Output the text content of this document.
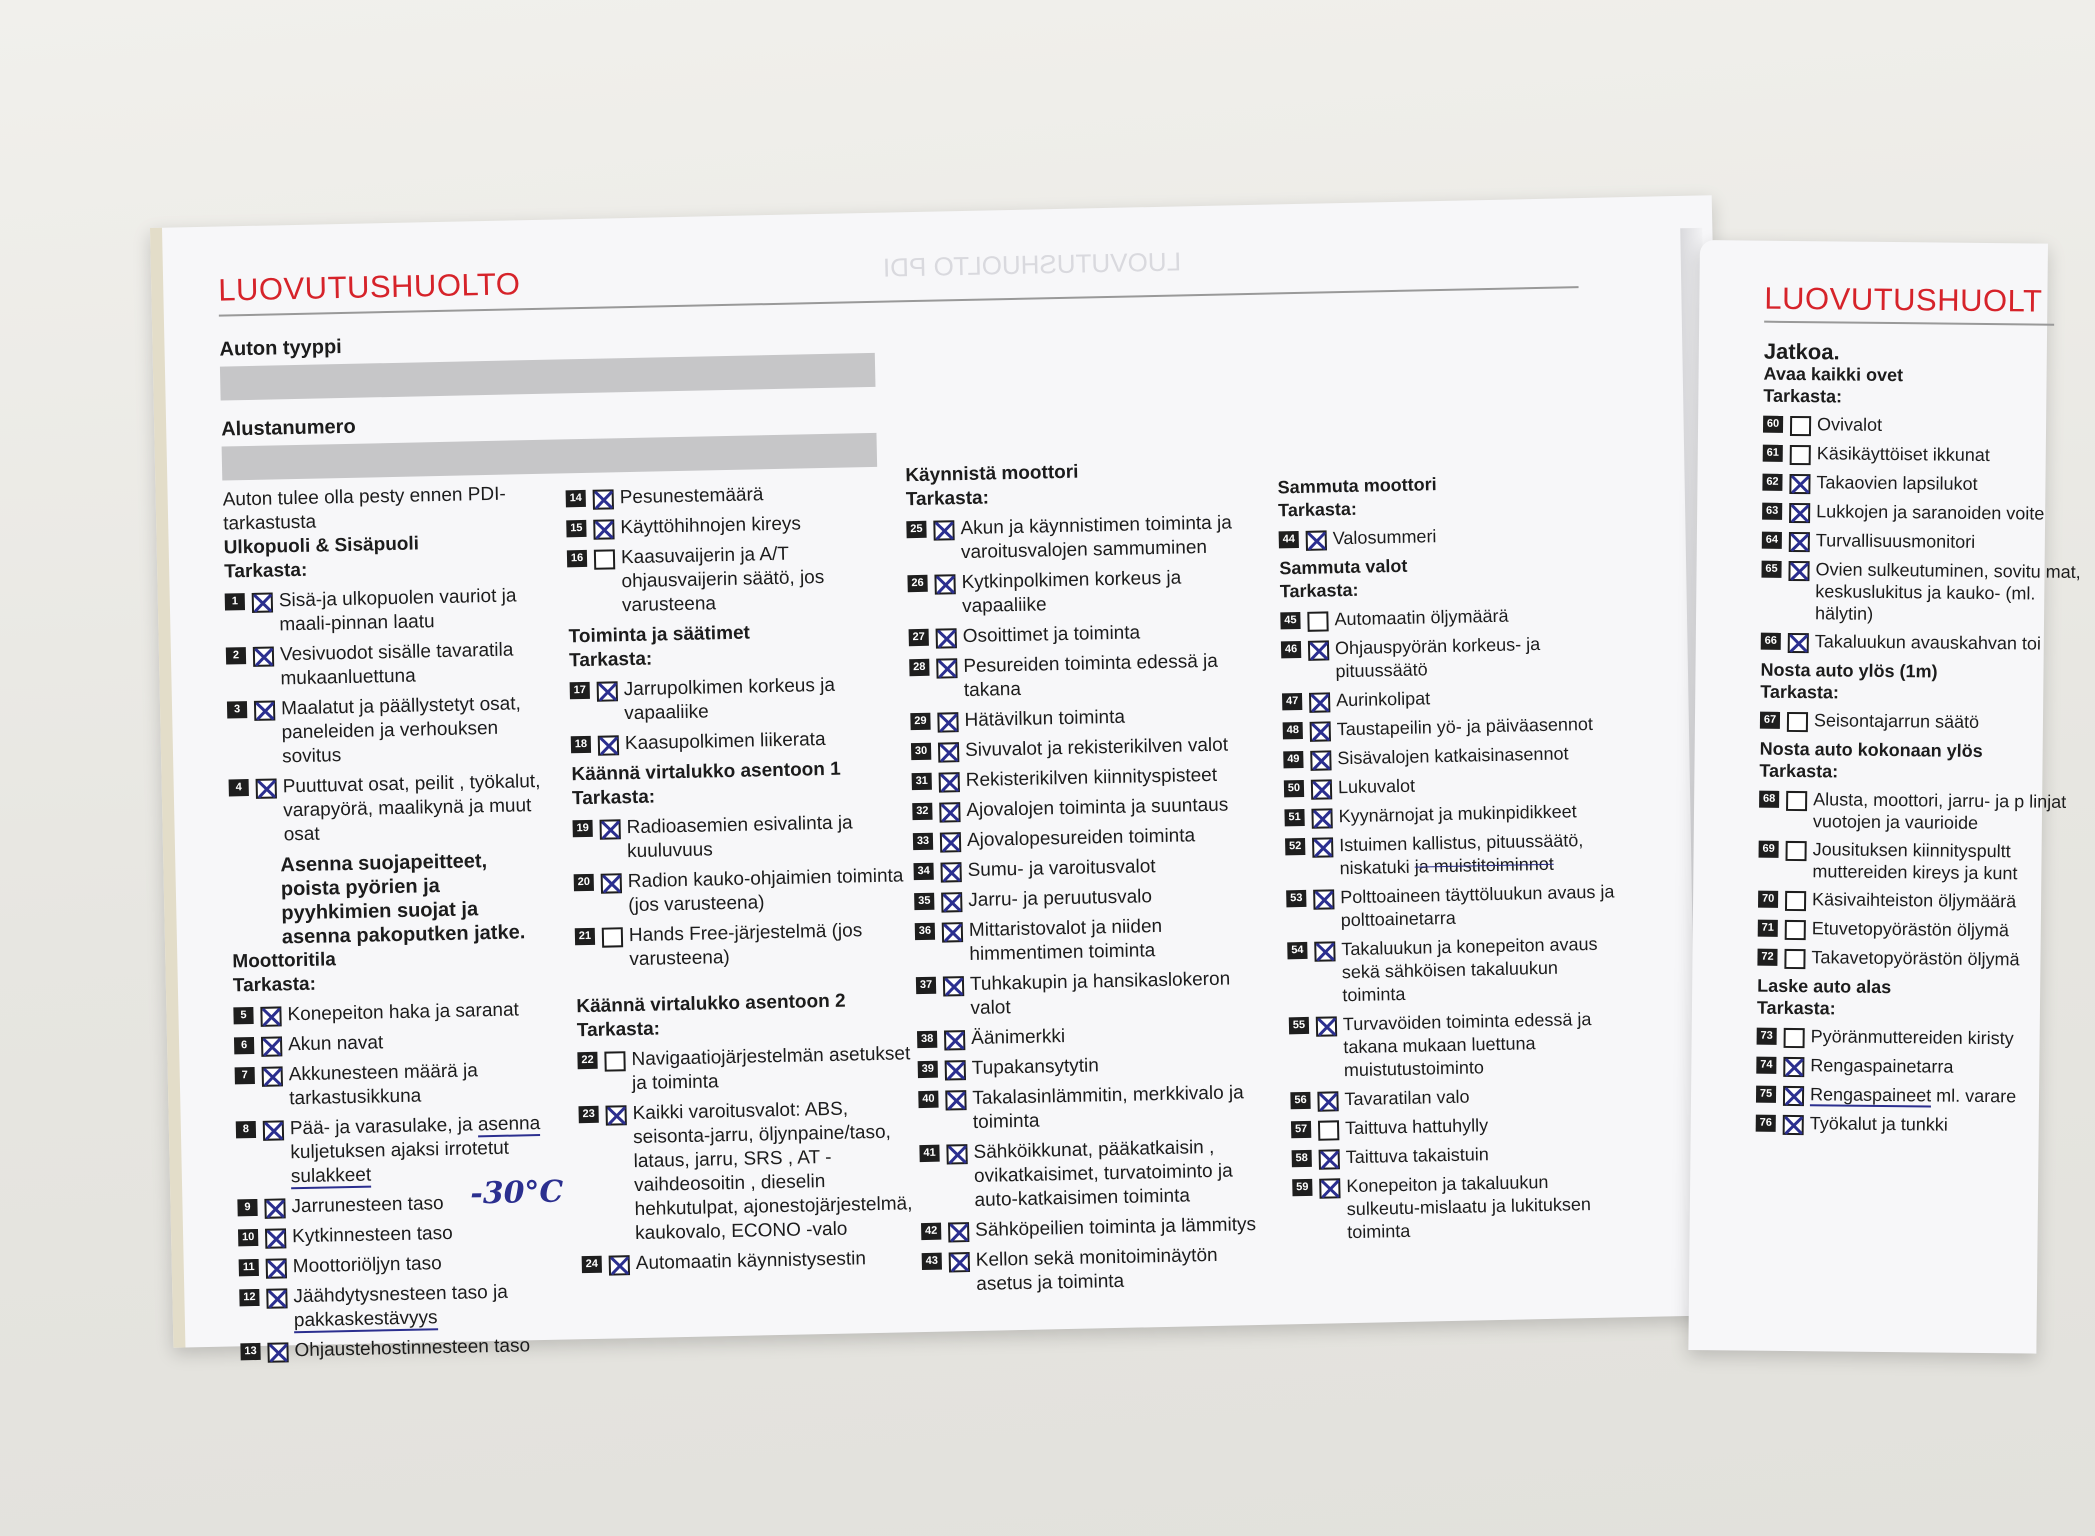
LUOVUTUSHUOLTO
LUOVUTUSHUOLTO PDI
Auton tyyppi
Alustanumero

Auton tulee olla pesty ennen PDI-tarkastusta

Ulkopuoli & Sisäpuoli

Tarkasta:

1	Sisä-ja ulkopuolen vauriot ja maali-pinnan laatu
2	Vesivuodot sisälle tavaratila mukaanluettuna
3	Maalatut ja päällystetyt osat, paneleiden ja verhouksen sovitus
4	Puuttuvat osat, peilit , työkalut, varapyörä, maalikynä ja muut osat

Asenna suojapeitteet, poista pyörien ja pyyhkimien suojat ja asenna pakoputken jatke.

Moottoritila

Tarkasta:

5	Konepeiton haka ja saranat
6	Akun navat
7	Akkunesteen määrä ja tarkastusikkuna
8	Pää- ja varasulake, ja asenna kuljetuksen ajaksi irrotetut sulakkeet
9	Jarrunesteen taso
10 Kytkinnesteen taso
11 Moottoriöljyn taso
12 Jäähdytysnesteen taso ja pakkaskestävyys
13 Ohjaustehostinnesteen taso
-30°C
14 Pesunestemäärä
15 Käyttöhihnojen kireys
16 Kaasuvaijerin ja A/T ohjausvaijerin säätö, jos varusteena

Toiminta ja säätimet

Tarkasta:

17 Jarrupolkimen korkeus ja vapaaliike
18 Kaasupolkimen liikerata

Käännä virtalukko asentoon 1

Tarkasta:

19 Radioasemien esivalinta ja kuuluvuus
20 Radion kauko-ohjaimien toiminta (jos varusteena)
21 Hands Free-järjestelmä (jos varusteena)

Käännä virtalukko asentoon 2

Tarkasta:

22 Navigaatiojärjestelmän asetukset ja toiminta
23 Kaikki varoitusvalot: ABS, seisonta-jarru, öljynpaine/taso, lataus, jarru, SRS , AT -vaihdeosoitin , dieselin hehkutulpat, ajonestojärjestelmä, kaukovalo, ECONO -valo
24 Automaatin käynnistysestin

Käynnistä moottori

Tarkasta:

25 Akun ja käynnistimen toiminta ja varoitusvalojen sammuminen
26 Kytkinpolkimen korkeus ja vapaaliike
27 Osoittimet ja toiminta
28 Pesureiden toiminta edessä ja takana
29 Hätävilkun toiminta
30 Sivuvalot ja rekisterikilven valot
31 Rekisterikilven kiinnityspisteet
32 Ajovalojen toiminta ja suuntaus
33 Ajovalopesureiden toiminta
34 Sumu- ja varoitusvalot
35 Jarru- ja peruutusvalo
36 Mittaristovalot ja niiden himmentimen toiminta
37 Tuhkakupin ja hansikaslokeron valot
38 Äänimerkki
39 Tupakansytytin
40 Takalasinlämmitin, merkkivalo ja toiminta
41 Sähköikkunat, pääkatkaisin , ovikatkaisimet, turvatoiminto ja auto-katkaisimen toiminta
42 Sähköpeilien toiminta ja lämmitys
43 Kellon sekä monitoiminäytön asetus ja toiminta

Sammuta moottori

Tarkasta:

44 Valosummeri

Sammuta valot

Tarkasta:

45 Automaatin öljymäärä
46 Ohjauspyörän korkeus- ja pituussäätö
47 Aurinkolipat
48 Taustapeilin yö- ja päiväasennot
49 Sisävalojen katkaisinasennot
50 Lukuvalot
51 Kyynärnojat ja mukinpidikkeet
52 Istuimen kallistus, pituussäätö, niskatuki ja muistitoiminnot
53 Polttoaineen täyttöluukun avaus ja polttoainetarra
54 Takaluukun ja konepeiton avaus sekä sähköisen takaluukun toiminta
55 Turvavöiden toiminta edessä ja takana mukaan luettuna muistutustoiminto
56 Tavaratilan valo
57 Taittuva hattuhylly
58 Taittuva takaistuin
59 Konepeiton ja takaluukun sulkeutu-mislaatu ja lukituksen toiminta
LUOVUTUSHUOLT

Jatkoa.

Avaa kaikki ovet

Tarkasta:

60 Ovivalot
61 Käsikäyttöiset ikkunat
62 Takaovien lapsilukot
63 Lukkojen ja saranoiden voite
64 Turvallisuusmonitori
65 Ovien sulkeutuminen, sovitu mat, keskuslukitus ja kauko- (ml. hälytin)
66 Takaluukun avauskahvan toi

Nosta auto ylös (1m)

Tarkasta:

67 Seisontajarrun säätö

Nosta auto kokonaan ylös

Tarkasta:

68 Alusta, moottori, jarru- ja p linjat vuotojen ja vaurioide
69 Jousituksen kiinnityspultt muttereiden kireys ja kunt
70 Käsivaihteiston öljymäärä
71 Etuvetopyörästön öljymä
72 Takavetopyörästön öljymä

Laske auto alas

Tarkasta:

73 Pyöränmuttereiden kiristy
74 Rengaspainetarra
75 Rengaspaineet ml. varare
76 Työkalut ja tunkki
